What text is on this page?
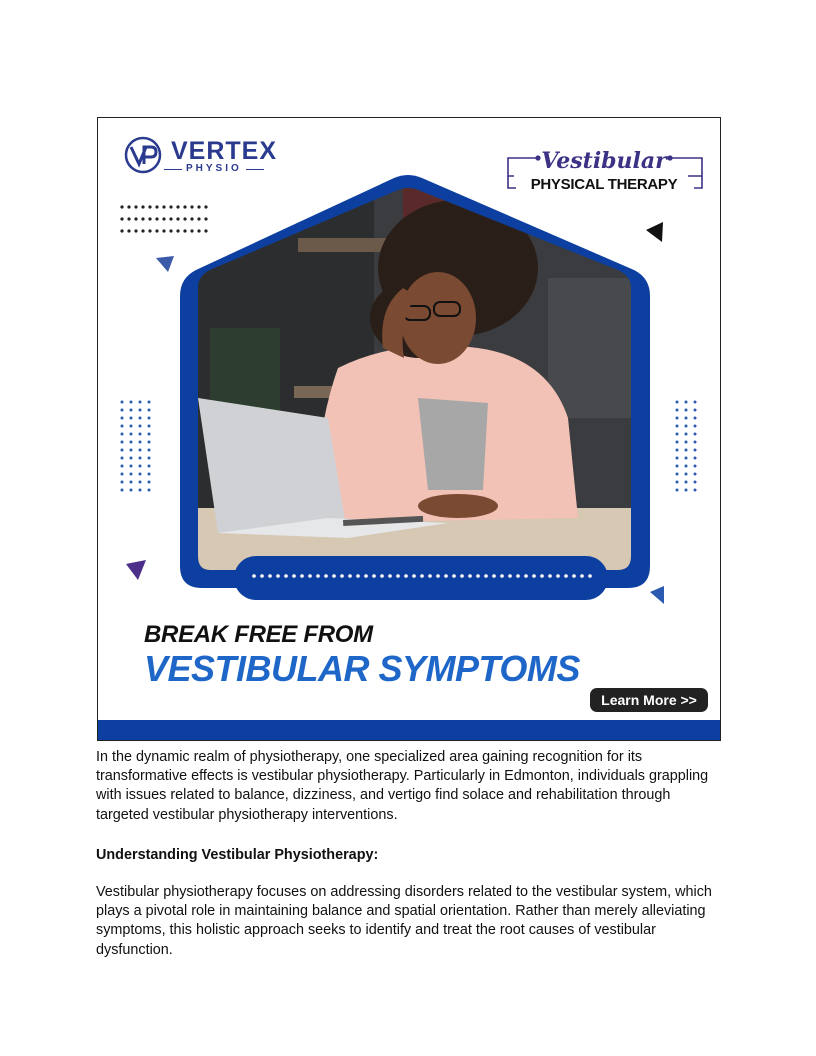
VERTEX
PHYSIO	Vestibular
PHYSICAL THERAPY
BREAK FREE FROM
VESTIBULAR SYMPTOMS
Learn More >>
In the dynamic realm of physiotherapy, one specialized area gaining recognition for its transformative effects is vestibular physiotherapy. Particularly in Edmonton, individuals grappling with issues related to balance, dizziness, and vertigo find solace and rehabilitation through targeted vestibular physiotherapy interventions.
Understanding Vestibular Physiotherapy:
Vestibular physiotherapy focuses on addressing disorders related to the vestibular system, which plays a pivotal role in maintaining balance and spatial orientation. Rather than merely alleviating symptoms, this holistic approach seeks to identify and treat the root causes of vestibular dysfunction.
